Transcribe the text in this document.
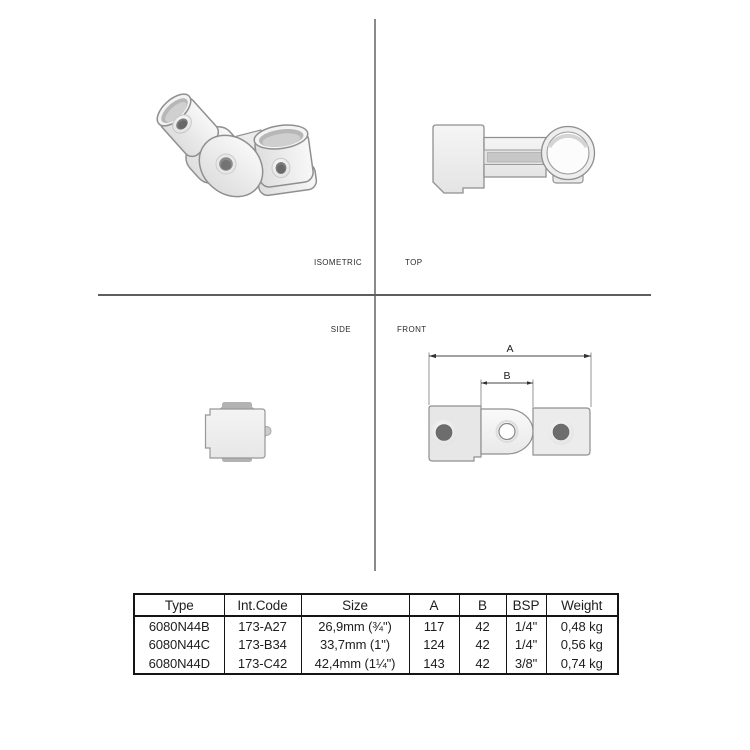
ISOMETRIC	TOP
SIDE	FRONT
A
B
Type	Int.Code	Size	A	B	BSP	Weight
6080N44B	173-A27	26,9mm (¾")	117	42	1/4"	0,48 kg
6080N44C	173-B34	33,7mm (1")	124	42	1/4"	0,56 kg
6080N44D	173-C42	42,4mm (1¼")	143	42	3/8"	0,74 kg
